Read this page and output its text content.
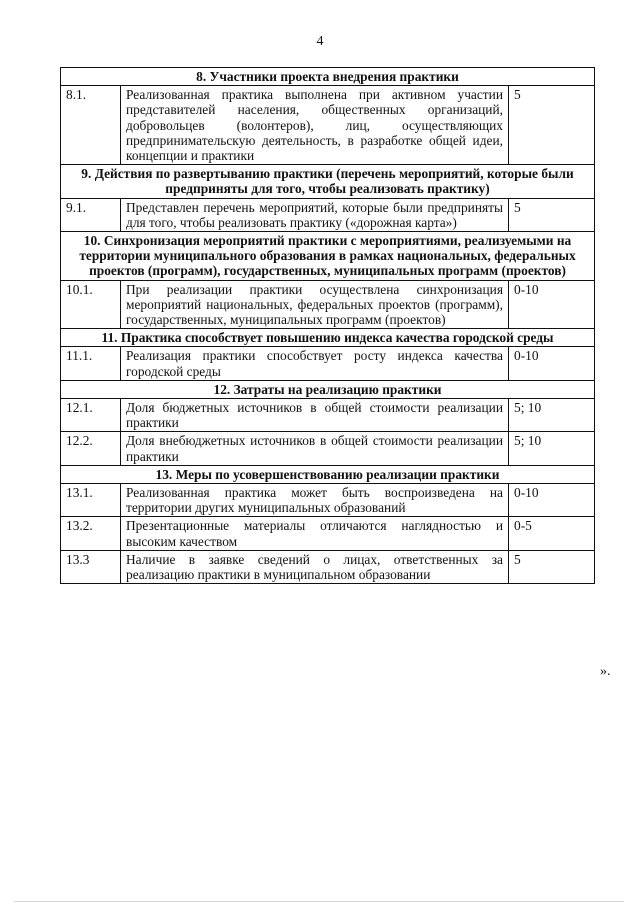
4
8. Участники проекта внедрения практики		
8.1.	Реализованная практика выполнена при активном участии представителей населения, общественных организаций, добровольцев (волонтеров), лиц, осуществляющих предпринимательскую деятельность, в разработке общей идеи, концепции и практики	5
9. Действия по развертыванию практики (перечень мероприятий, которые были предприняты для того, чтобы реализовать практику)		
9.1.	Представлен перечень мероприятий, которые были предприняты для того, чтобы реализовать практику («дорожная карта»)	5
10. Синхронизация мероприятий практики с мероприятиями, реализуемыми на территории муниципального образования в рамках национальных, федеральных проектов (программ), государственных, муниципальных программ (проектов)		
10.1.	При реализации практики осуществлена синхронизация мероприятий национальных, федеральных проектов (программ), государственных, муниципальных программ (проектов)	0-10
11. Практика способствует повышению индекса качества городской среды		
11.1.	Реализация практики способствует росту индекса качества городской среды	0-10
12. Затраты на реализацию практики		
12.1.	Доля бюджетных источников в общей стоимости реализации практики	5; 10
12.2.	Доля внебюджетных источников в общей стоимости реализации практики	5; 10
13. Меры по усовершенствованию реализации практики		
13.1.	Реализованная практика может быть воспроизведена на территории других муниципальных образований	0-10
13.2.	Презентационные материалы отличаются наглядностью и высоким качеством	0-5
13.3	Наличие в заявке сведений о лицах, ответственных за реализацию практики в муниципальном образовании	5
».
